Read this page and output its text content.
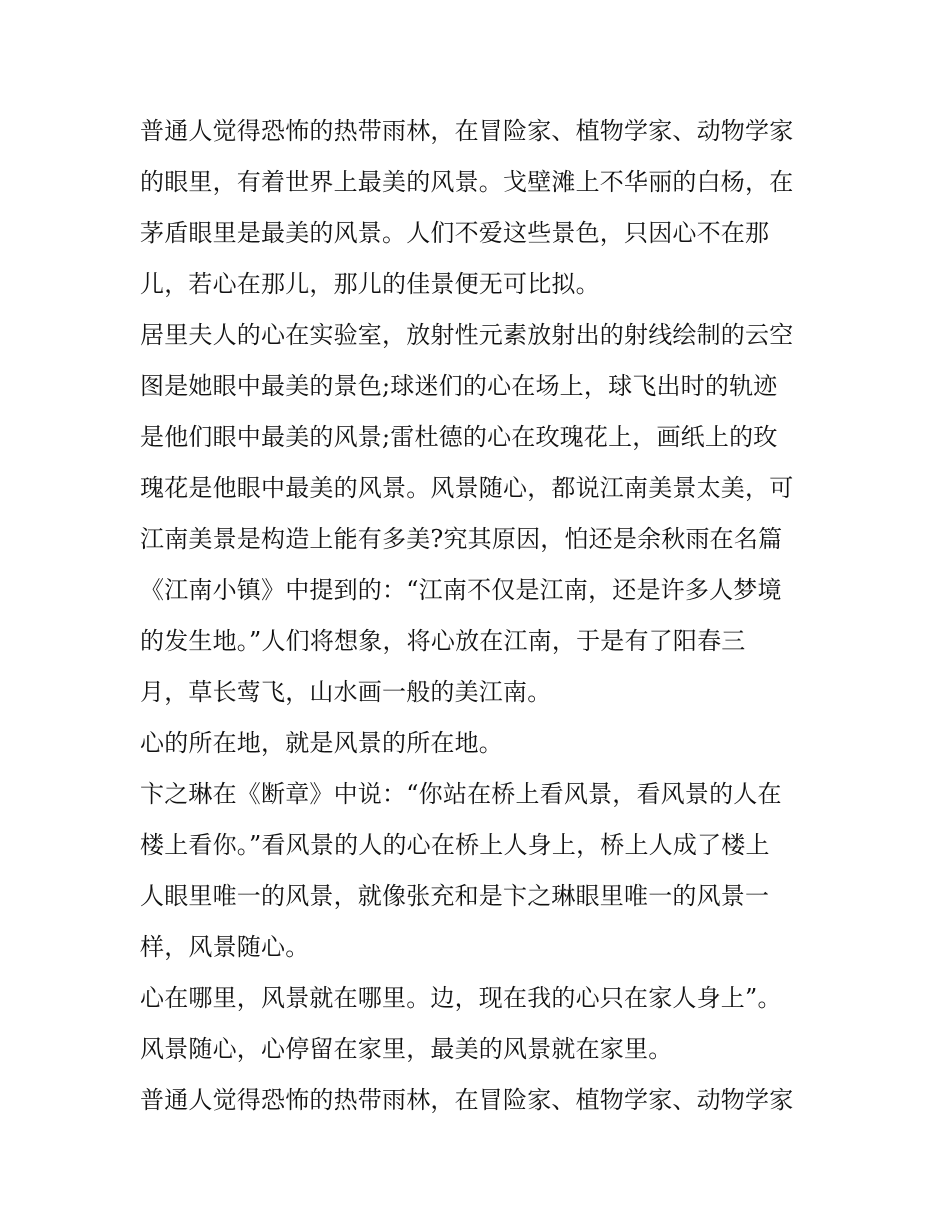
普通人觉得恐怖的热带雨林，在冒险家、植物学家、动物学家
的眼里，有着世界上最美的风景。戈壁滩上不华丽的白杨，在
茅盾眼里是最美的风景。人们不爱这些景色，只因心不在那
儿，若心在那儿，那儿的佳景便无可比拟。
居里夫人的心在实验室，放射性元素放射出的射线绘制的云空
图是她眼中最美的景色;球迷们的心在场上，球飞出时的轨迹
是他们眼中最美的风景;雷杜德的心在玫瑰花上，画纸上的玫
瑰花是他眼中最美的风景。风景随心，都说江南美景太美，可
江南美景是构造上能有多美?究其原因，怕还是余秋雨在名篇
《江南小镇》中提到的：“江南不仅是江南，还是许多人梦境
的发生地。”人们将想象，将心放在江南，于是有了阳春三
月，草长莺飞，山水画一般的美江南。
心的所在地，就是风景的所在地。
卞之琳在《断章》中说：“你站在桥上看风景，看风景的人在
楼上看你。”看风景的人的心在桥上人身上，桥上人成了楼上
人眼里唯一的风景，就像张充和是卞之琳眼里唯一的风景一
样，风景随心。
心在哪里，风景就在哪里。边，现在我的心只在家人身上”。
风景随心，心停留在家里，最美的风景就在家里。
普通人觉得恐怖的热带雨林，在冒险家、植物学家、动物学家
